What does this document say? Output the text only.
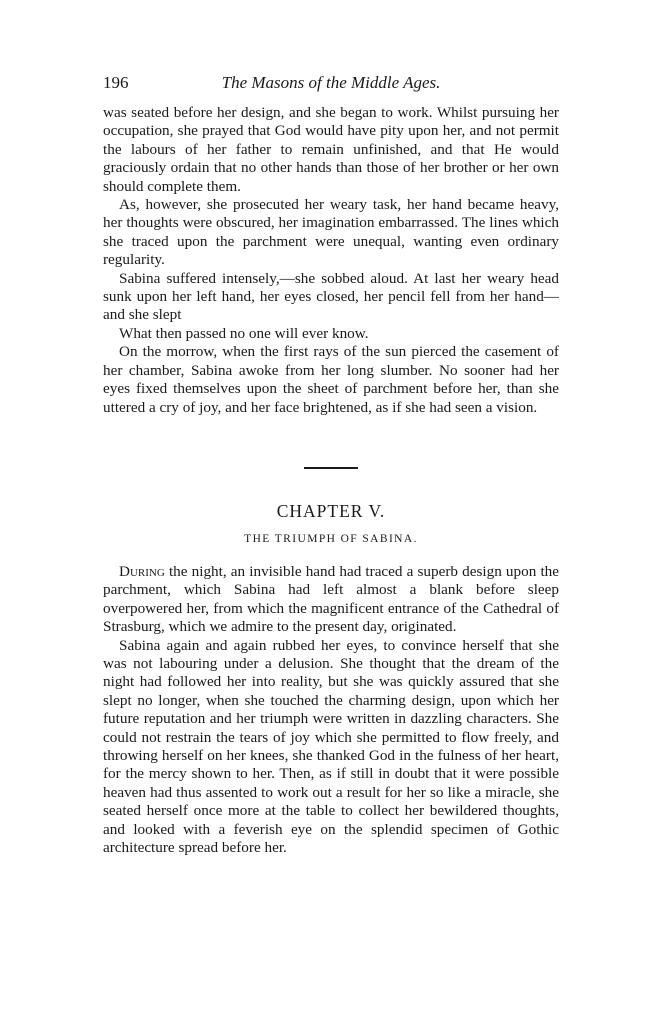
196	The Masons of the Middle Ages.

was seated before her design, and she began to work. Whilst pursuing her occupation, she prayed that God would have pity upon her, and not permit the labours of her father to remain unfinished, and that He would graciously ordain that no other hands than those of her brother or her own should complete them.

As, however, she prosecuted her weary task, her hand became heavy, her thoughts were obscured, her imagination embarrassed. The lines which she traced upon the parchment were unequal, wanting even ordinary regularity.

Sabina suffered intensely,—she sobbed aloud. At last her weary head sunk upon her left hand, her eyes closed, her pencil fell from her hand—and she slept

What then passed no one will ever know.

On the morrow, when the first rays of the sun pierced the casement of her chamber, Sabina awoke from her long slumber. No sooner had her eyes fixed themselves upon the sheet of parchment before her, than she uttered a cry of joy, and her face brightened, as if she had seen a vision.

CHAPTER V.
THE TRIUMPH OF SABINA.

During the night, an invisible hand had traced a superb design upon the parchment, which Sabina had left almost a blank before sleep overpowered her, from which the magnificent entrance of the Cathedral of Strasburg, which we admire to the present day, originated.

Sabina again and again rubbed her eyes, to convince herself that she was not labouring under a delusion. She thought that the dream of the night had followed her into reality, but she was quickly assured that she slept no longer, when she touched the charming design, upon which her future reputation and her triumph were written in dazzling characters. She could not restrain the tears of joy which she permitted to flow freely, and throwing herself on her knees, she thanked God in the fulness of her heart, for the mercy shown to her. Then, as if still in doubt that it were possible heaven had thus assented to work out a result for her so like a miracle, she seated herself once more at the table to collect her bewildered thoughts, and looked with a feverish eye on the splendid specimen of Gothic architecture spread before her.
